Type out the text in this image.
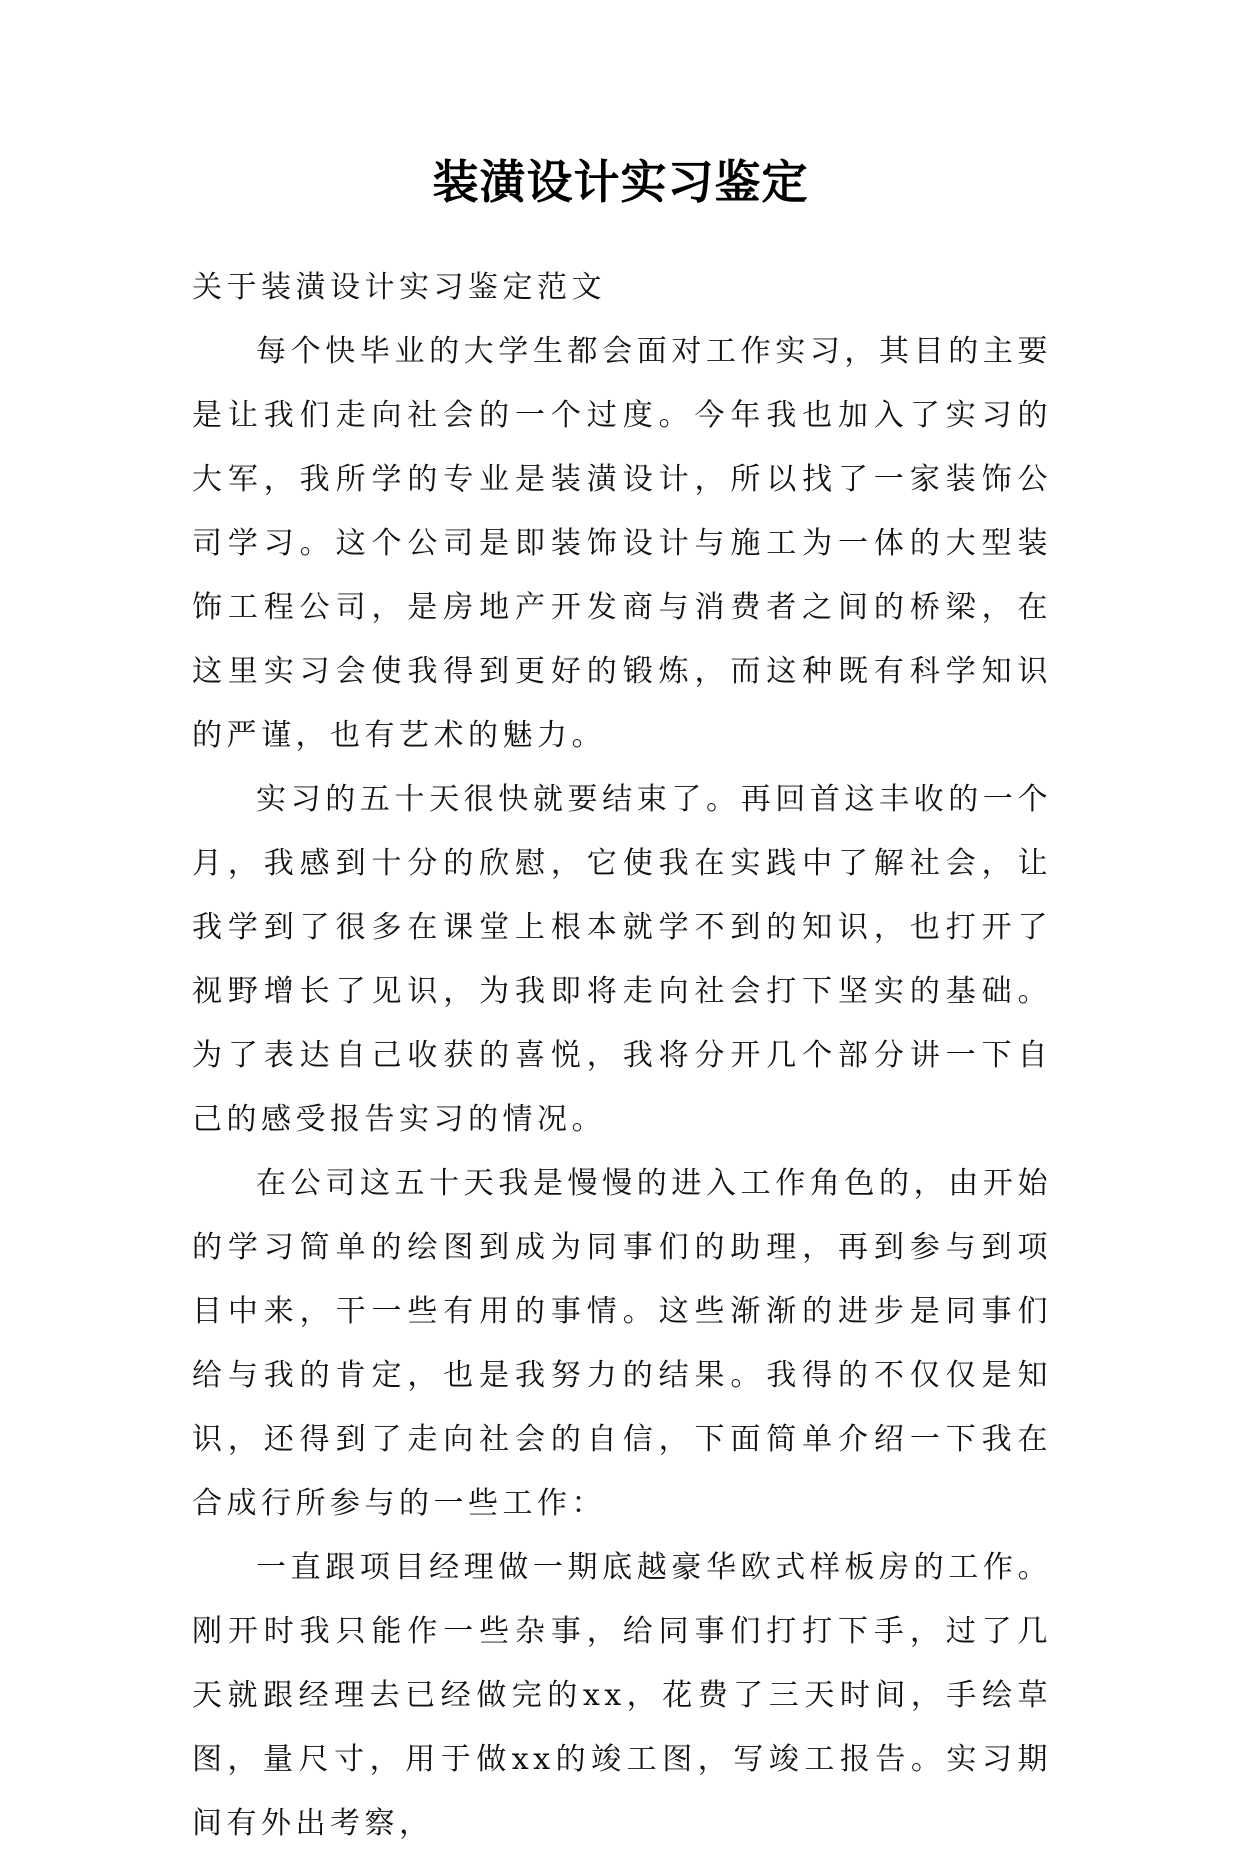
装潢设计实习鉴定

关于装潢设计实习鉴定范文

每个快毕业的大学生都会面对工作实习，其目的主要是让我们走向社会的一个过度。今年我也加入了实习的大军，我所学的专业是装潢设计，所以找了一家装饰公司学习。这个公司是即装饰设计与施工为一体的大型装饰工程公司，是房地产开发商与消费者之间的桥梁，在这里实习会使我得到更好的锻炼，而这种既有科学知识的严谨，也有艺术的魅力。

实习的五十天很快就要结束了。再回首这丰收的一个月，我感到十分的欣慰，它使我在实践中了解社会，让我学到了很多在课堂上根本就学不到的知识，也打开了视野增长了见识，为我即将走向社会打下坚实的基础。为了表达自己收获的喜悦，我将分开几个部分讲一下自己的感受报告实习的情况。

在公司这五十天我是慢慢的进入工作角色的，由开始的学习简单的绘图到成为同事们的助理，再到参与到项目中来，干一些有用的事情。这些渐渐的进步是同事们给与我的肯定，也是我努力的结果。我得的不仅仅是知识，还得到了走向社会的自信，下面简单介绍一下我在合成行所参与的一些工作：

一直跟项目经理做一期底越豪华欧式样板房的工作。刚开时我只能作一些杂事，给同事们打打下手，过了几天就跟经理去已经做完的xx，花费了三天时间，手绘草图，量尺寸，用于做xx的竣工图，写竣工报告。实习期间有外出考察，
